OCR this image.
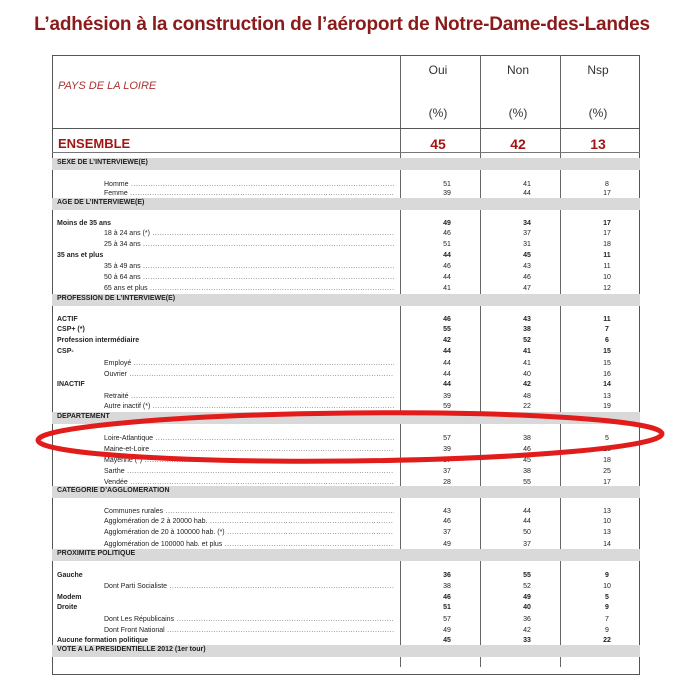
L’adhésion à la construction de l’aéroport de Notre-Dame-des-Landes
PAYS DE LA LOIRE
Oui	Non	Nsp
(%)	(%)	(%)
ENSEMBLE	45	42	13
SEXE DE L’INTERVIEWE(E)
AGE DE L’INTERVIEWE(E)
PROFESSION DE L’INTERVIEWE(E)
DEPARTEMENT
CATEGORIE D’AGGLOMERATION
PROXIMITE POLITIQUE
VOTE A LA PRESIDENTIELLE 2012 (1er tour)
Homme .....	51	41	8
Femme .....	39	44	17
Moins de 35 ans	49	34	17
18 à 24 ans (*) .....	46	37	17
25 à 34 ans .....	51	31	18
35 ans et plus	44	45	11
35 à 49 ans .....	46	43	11
50 à 64 ans .....	44	46	10
65 ans et plus .....	41	47	12
ACTIF	46	43	11
CSP+ (*)	55	38	7
Profession intermédiaire	42	52	6
CSP-	44	41	15
Employé .....	44	41	15
Ouvrier .....	44	40	16
INACTIF	44	42	14
Retraité .....	39	48	13
Autre inactif (*) .....	59	22	19
Loire-Atlantique .....	57	38	5
Maine-et-Loire .....	39	46	15
Mayenne (*) .....	37	45	18
Sarthe .....	37	38	25
Vendée .....	28	55	17
Communes rurales .....	43	44	13
Agglomération de 2 à 20000 hab. .....	46	44	10
Agglomération de 20 à 100000 hab. (*) .....	37	50	13
Agglomération de 100000 hab. et plus .....	49	37	14
Gauche	36	55	9
Dont Parti Socialiste .....	38	52	10
Modem	46	49	5
Droite	51	40	9
Dont Les Républicains .....	57	36	7
Dont Front National .....	49	42	9
Aucune formation politique	45	33	22
